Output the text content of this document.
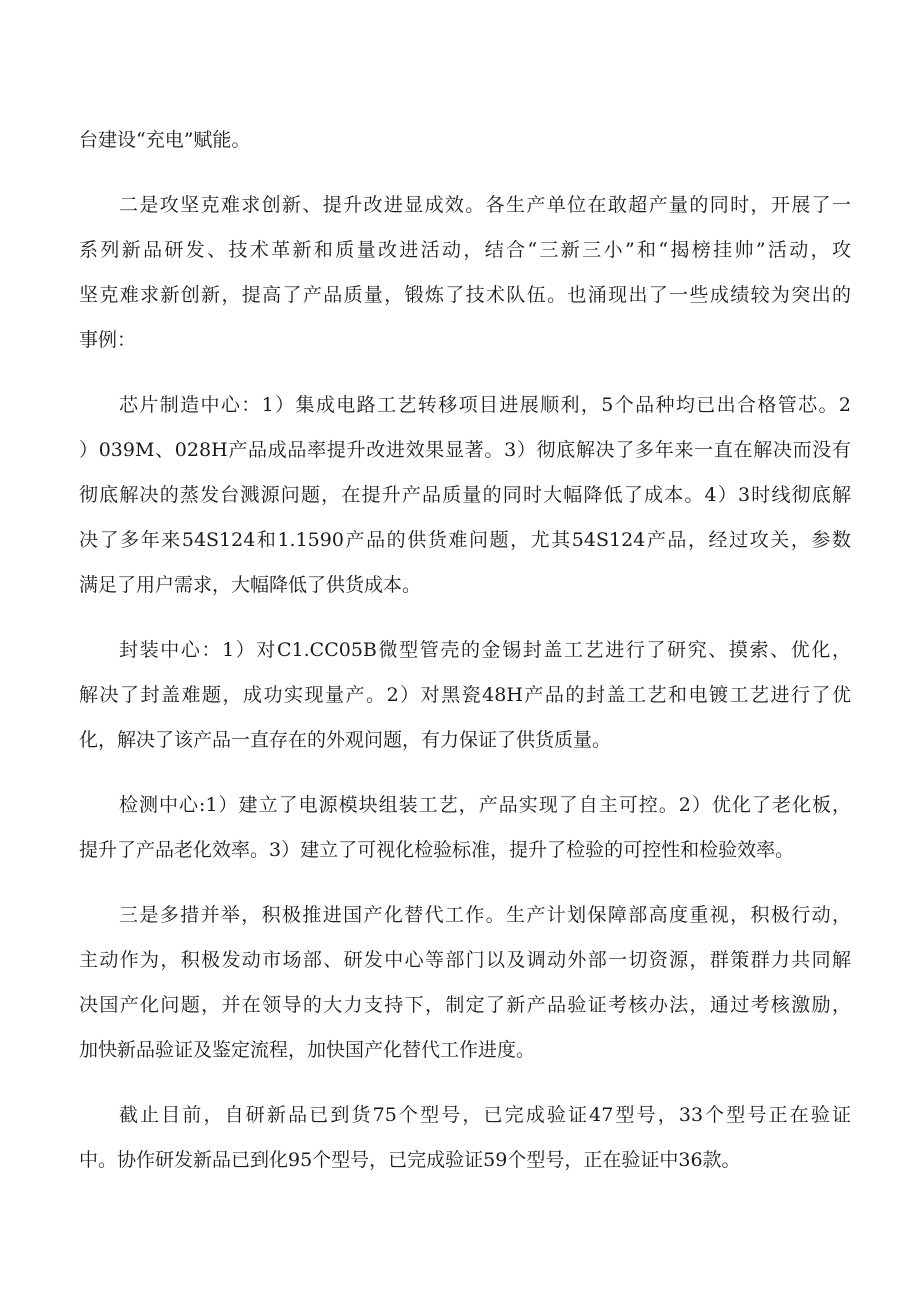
台建设“充电”赋能。
二是攻坚克难求创新、提升改进显成效。各生产单位在敢超产量的同时，开展了一
系列新品研发、技术革新和质量改进活动，结合“三新三小”和“揭榜挂帅”活动，攻
坚克难求新创新，提高了产品质量，锻炼了技术队伍。也涌现出了一些成绩较为突出的
事例：
芯片制造中心：1）集成电路工艺转移项目进展顺利，5个品种均已出合格管芯。2
）039M、028H产品成品率提升改进效果显著。3）彻底解决了多年来一直在解决而没有
彻底解决的蒸发台溅源问题，在提升产品质量的同时大幅降低了成本。4）3时线彻底解
决了多年来54S124和1.1590产品的供货难问题，尤其54S124产品，经过攻关，参数
满足了用户需求，大幅降低了供货成本。
封装中心：1）对C1.CC05B微型管壳的金锡封盖工艺进行了研究、摸索、优化，
解决了封盖难题，成功实现量产。2）对黑瓷48H产品的封盖工艺和电镀工艺进行了优
化，解决了该产品一直存在的外观问题，有力保证了供货质量。
检测中心:1）建立了电源模块组装工艺，产品实现了自主可控。2）优化了老化板，
提升了产品老化效率。3）建立了可视化检验标准，提升了检验的可控性和检验效率。
三是多措并举，积极推进国产化替代工作。生产计划保障部高度重视，积极行动，
主动作为，积极发动市场部、研发中心等部门以及调动外部一切资源，群策群力共同解
决国产化问题，并在领导的大力支持下，制定了新产品验证考核办法，通过考核激励，
加快新品验证及鉴定流程，加快国产化替代工作进度。
截止目前，自研新品已到货75个型号，已完成验证47型号，33个型号正在验证
中。协作研发新品已到化95个型号，已完成验证59个型号，正在验证中36款。
